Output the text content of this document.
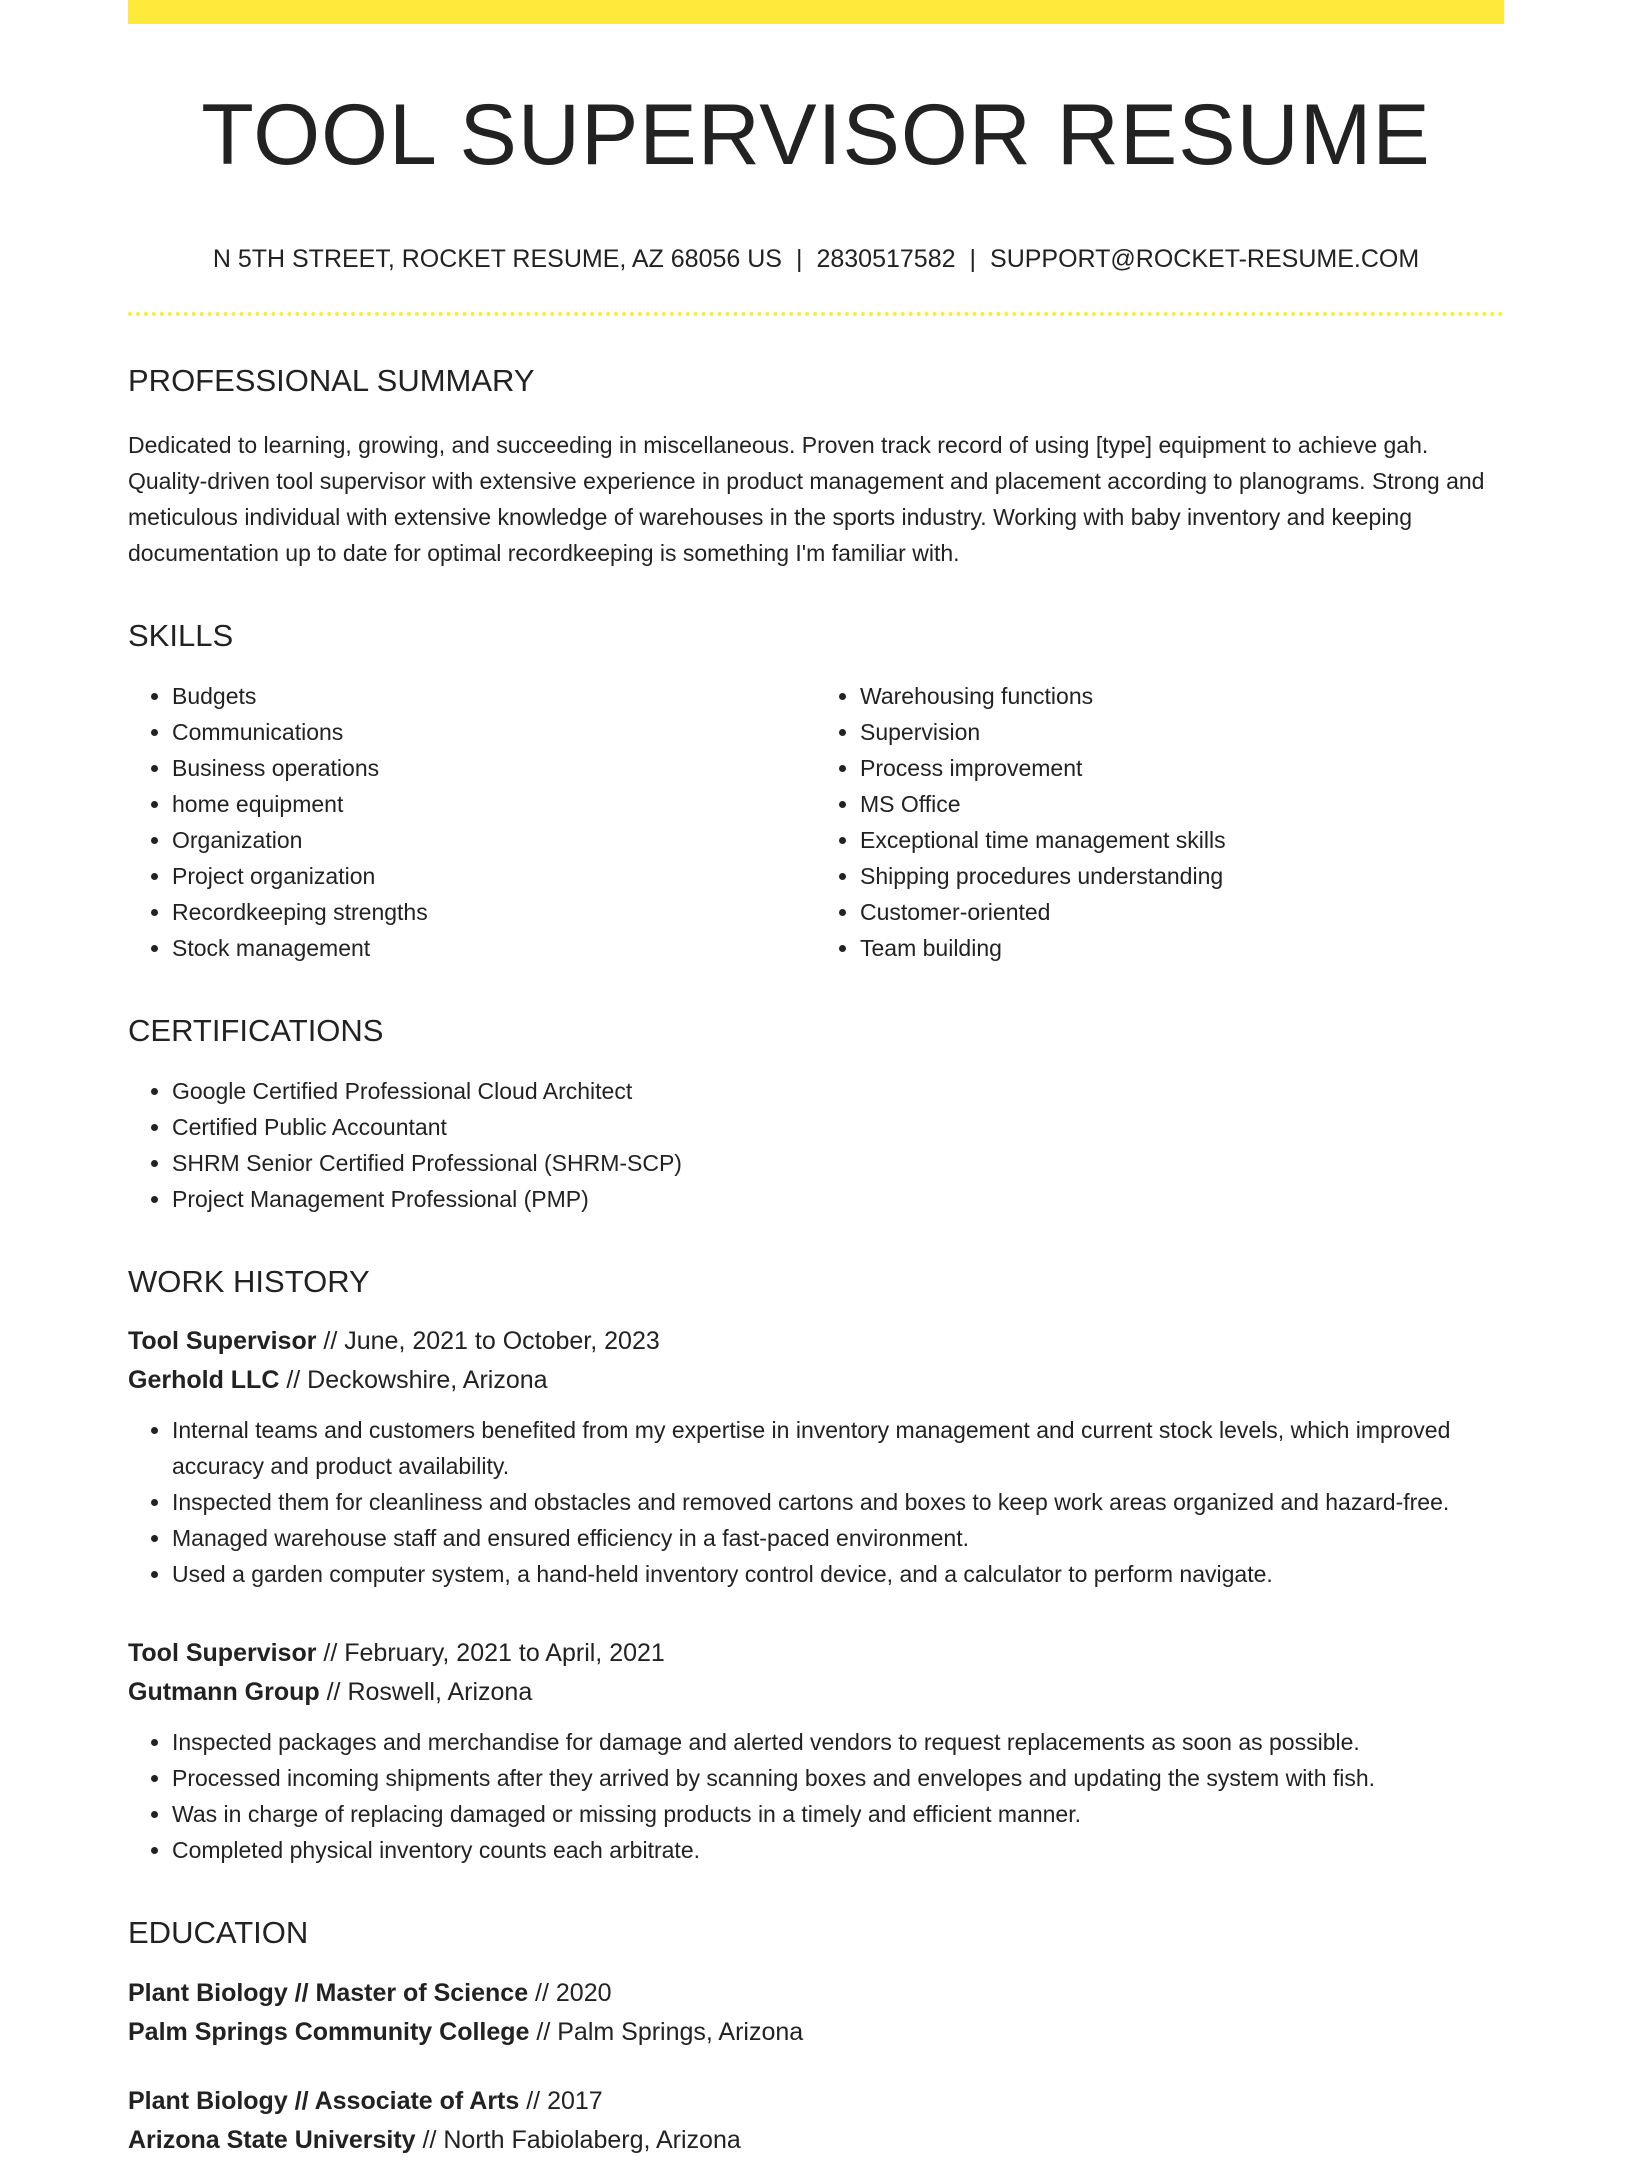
TOOL SUPERVISOR RESUME
N 5TH STREET, ROCKET RESUME, AZ 68056 US | 2830517582 | SUPPORT@ROCKET-RESUME.COM
PROFESSIONAL SUMMARY

Dedicated to learning, growing, and succeeding in miscellaneous. Proven track record of using [type] equipment to achieve gah. Quality-driven tool supervisor with extensive experience in product management and placement according to planograms. Strong and meticulous individual with extensive knowledge of warehouses in the sports industry. Working with baby inventory and keeping documentation up to date for optimal recordkeeping is something I'm familiar with.

SKILLS
• Budgets
• Communications
• Business operations
• home equipment
• Organization
• Project organization
• Recordkeeping strengths
• Stock management
• Warehousing functions
• Supervision
• Process improvement
• MS Office
• Exceptional time management skills
• Shipping procedures understanding
• Customer-oriented
• Team building
CERTIFICATIONS
• Google Certified Professional Cloud Architect
• Certified Public Accountant
• SHRM Senior Certified Professional (SHRM-SCP)
• Project Management Professional (PMP)
WORK HISTORY
Tool Supervisor // June, 2021 to October, 2023
Gerhold LLC // Deckowshire, Arizona
• Internal teams and customers benefited from my expertise in inventory management and current stock levels, which improved accuracy and product availability.
• Inspected them for cleanliness and obstacles and removed cartons and boxes to keep work areas organized and hazard-free.
• Managed warehouse staff and ensured efficiency in a fast-paced environment.
• Used a garden computer system, a hand-held inventory control device, and a calculator to perform navigate.
Tool Supervisor // February, 2021 to April, 2021
Gutmann Group // Roswell, Arizona
• Inspected packages and merchandise for damage and alerted vendors to request replacements as soon as possible.
• Processed incoming shipments after they arrived by scanning boxes and envelopes and updating the system with fish.
• Was in charge of replacing damaged or missing products in a timely and efficient manner.
• Completed physical inventory counts each arbitrate.
EDUCATION
Plant Biology // Master of Science // 2020
Palm Springs Community College // Palm Springs, Arizona
Plant Biology // Associate of Arts // 2017
Arizona State University // North Fabiolaberg, Arizona
